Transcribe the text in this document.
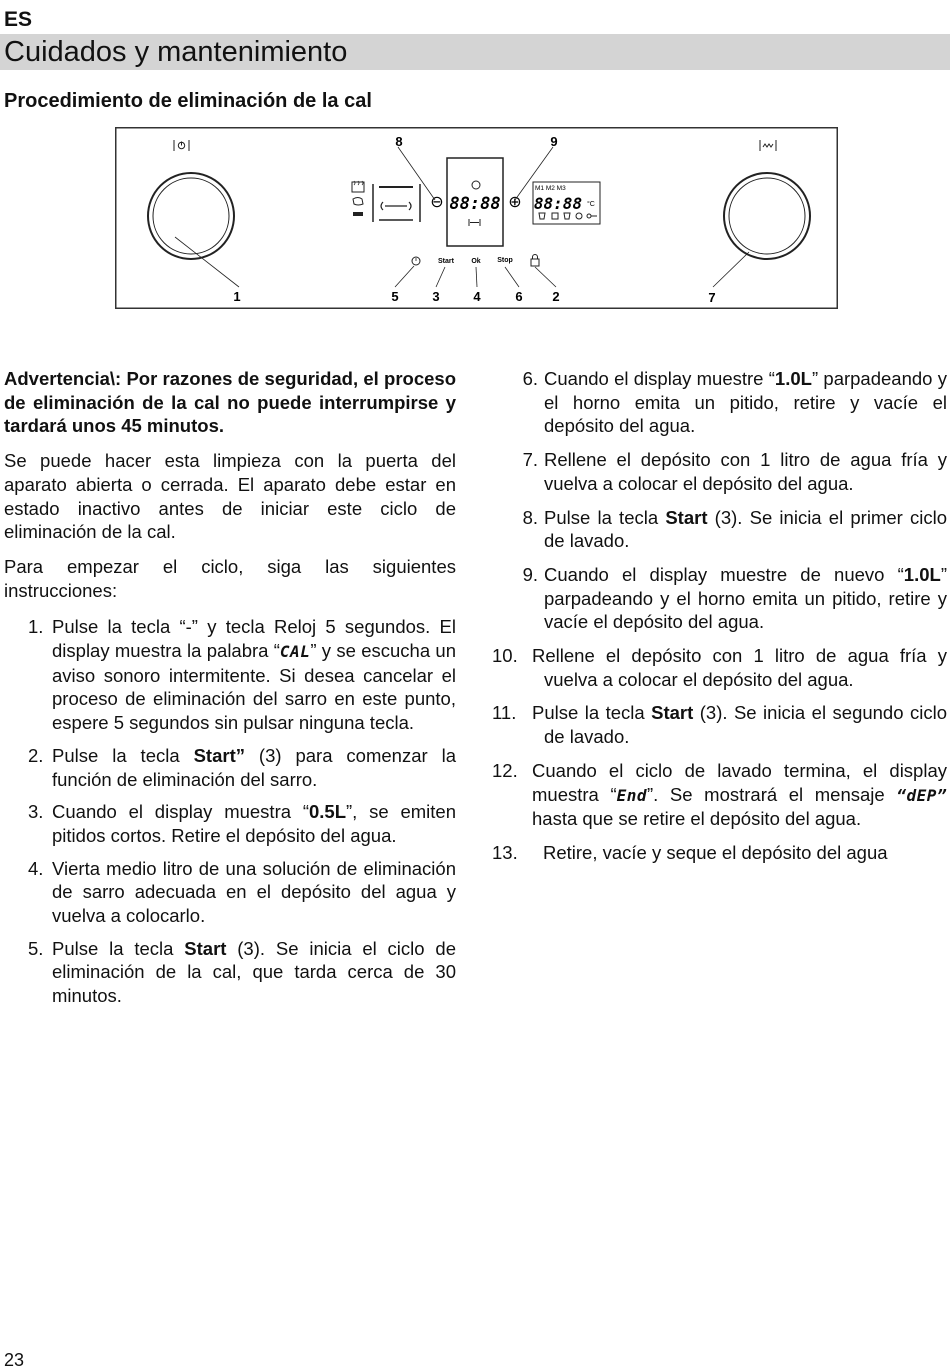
ES
Cuidados y mantenimiento
Procedimiento de eliminación de la cal
⊖	⊕
88:88
M1 M2 M3
88:88 °C
Start Ok Stop
8	9
1	5	3	4	6 2	7

Advertencia\: Por razones de seguridad, el proceso de eliminación de la cal no puede interrumpirse y tardará unos 45 minutos.

Se puede hacer esta limpieza con la puerta del aparato abierta o cerrada. El aparato debe estar en estado inactivo antes de iniciar este ciclo de eliminación de la cal.

Para empezar el ciclo, siga las siguientes instrucciones:

1. Pulse la tecla “-” y tecla Reloj 5 segundos. El display muestra la palabra “CAL” y se escucha un aviso sonoro intermitente. Si desea cancelar el proceso de eliminación del sarro en este punto, espere 5 segundos sin pulsar ninguna tecla.
2. Pulse la tecla Start” (3) para comenzar la función de eliminación del sarro.
3. Cuando el display muestra “0.5L”, se emiten pitidos cortos. Retire el depósito del agua.
4. Vierta medio litro de una solución de eliminación de sarro adecuada en el depósito del agua y vuelva a colocarlo.
5. Pulse la tecla Start (3). Se inicia el ciclo de eliminación de la cal, que tarda cerca de 30 minutos.
6. Cuando el display muestre “1.0L” parpadeando y el horno emita un pitido, retire y vacíe el depósito del agua.
7. Rellene el depósito con 1 litro de agua fría y vuelva a colocar el depósito del agua.
8. Pulse la tecla Start (3). Se inicia el primer ciclo de lavado.
9. Cuando el display muestre de nuevo “1.0L” parpadeando y el horno emita un pitido, retire y vacíe el depósito del agua.
10. Rellene el depósito con 1 litro de agua fría y vuelva a colocar el depósito del agua.
11. Pulse la tecla Start (3). Se inicia el segundo ciclo de lavado.
12. Cuando el ciclo de lavado termina, el display muestra “End”. Se mostrará el mensaje “dEP” hasta que se retire el depósito del agua.
13. Retire, vacíe y seque el depósito del agua
23
